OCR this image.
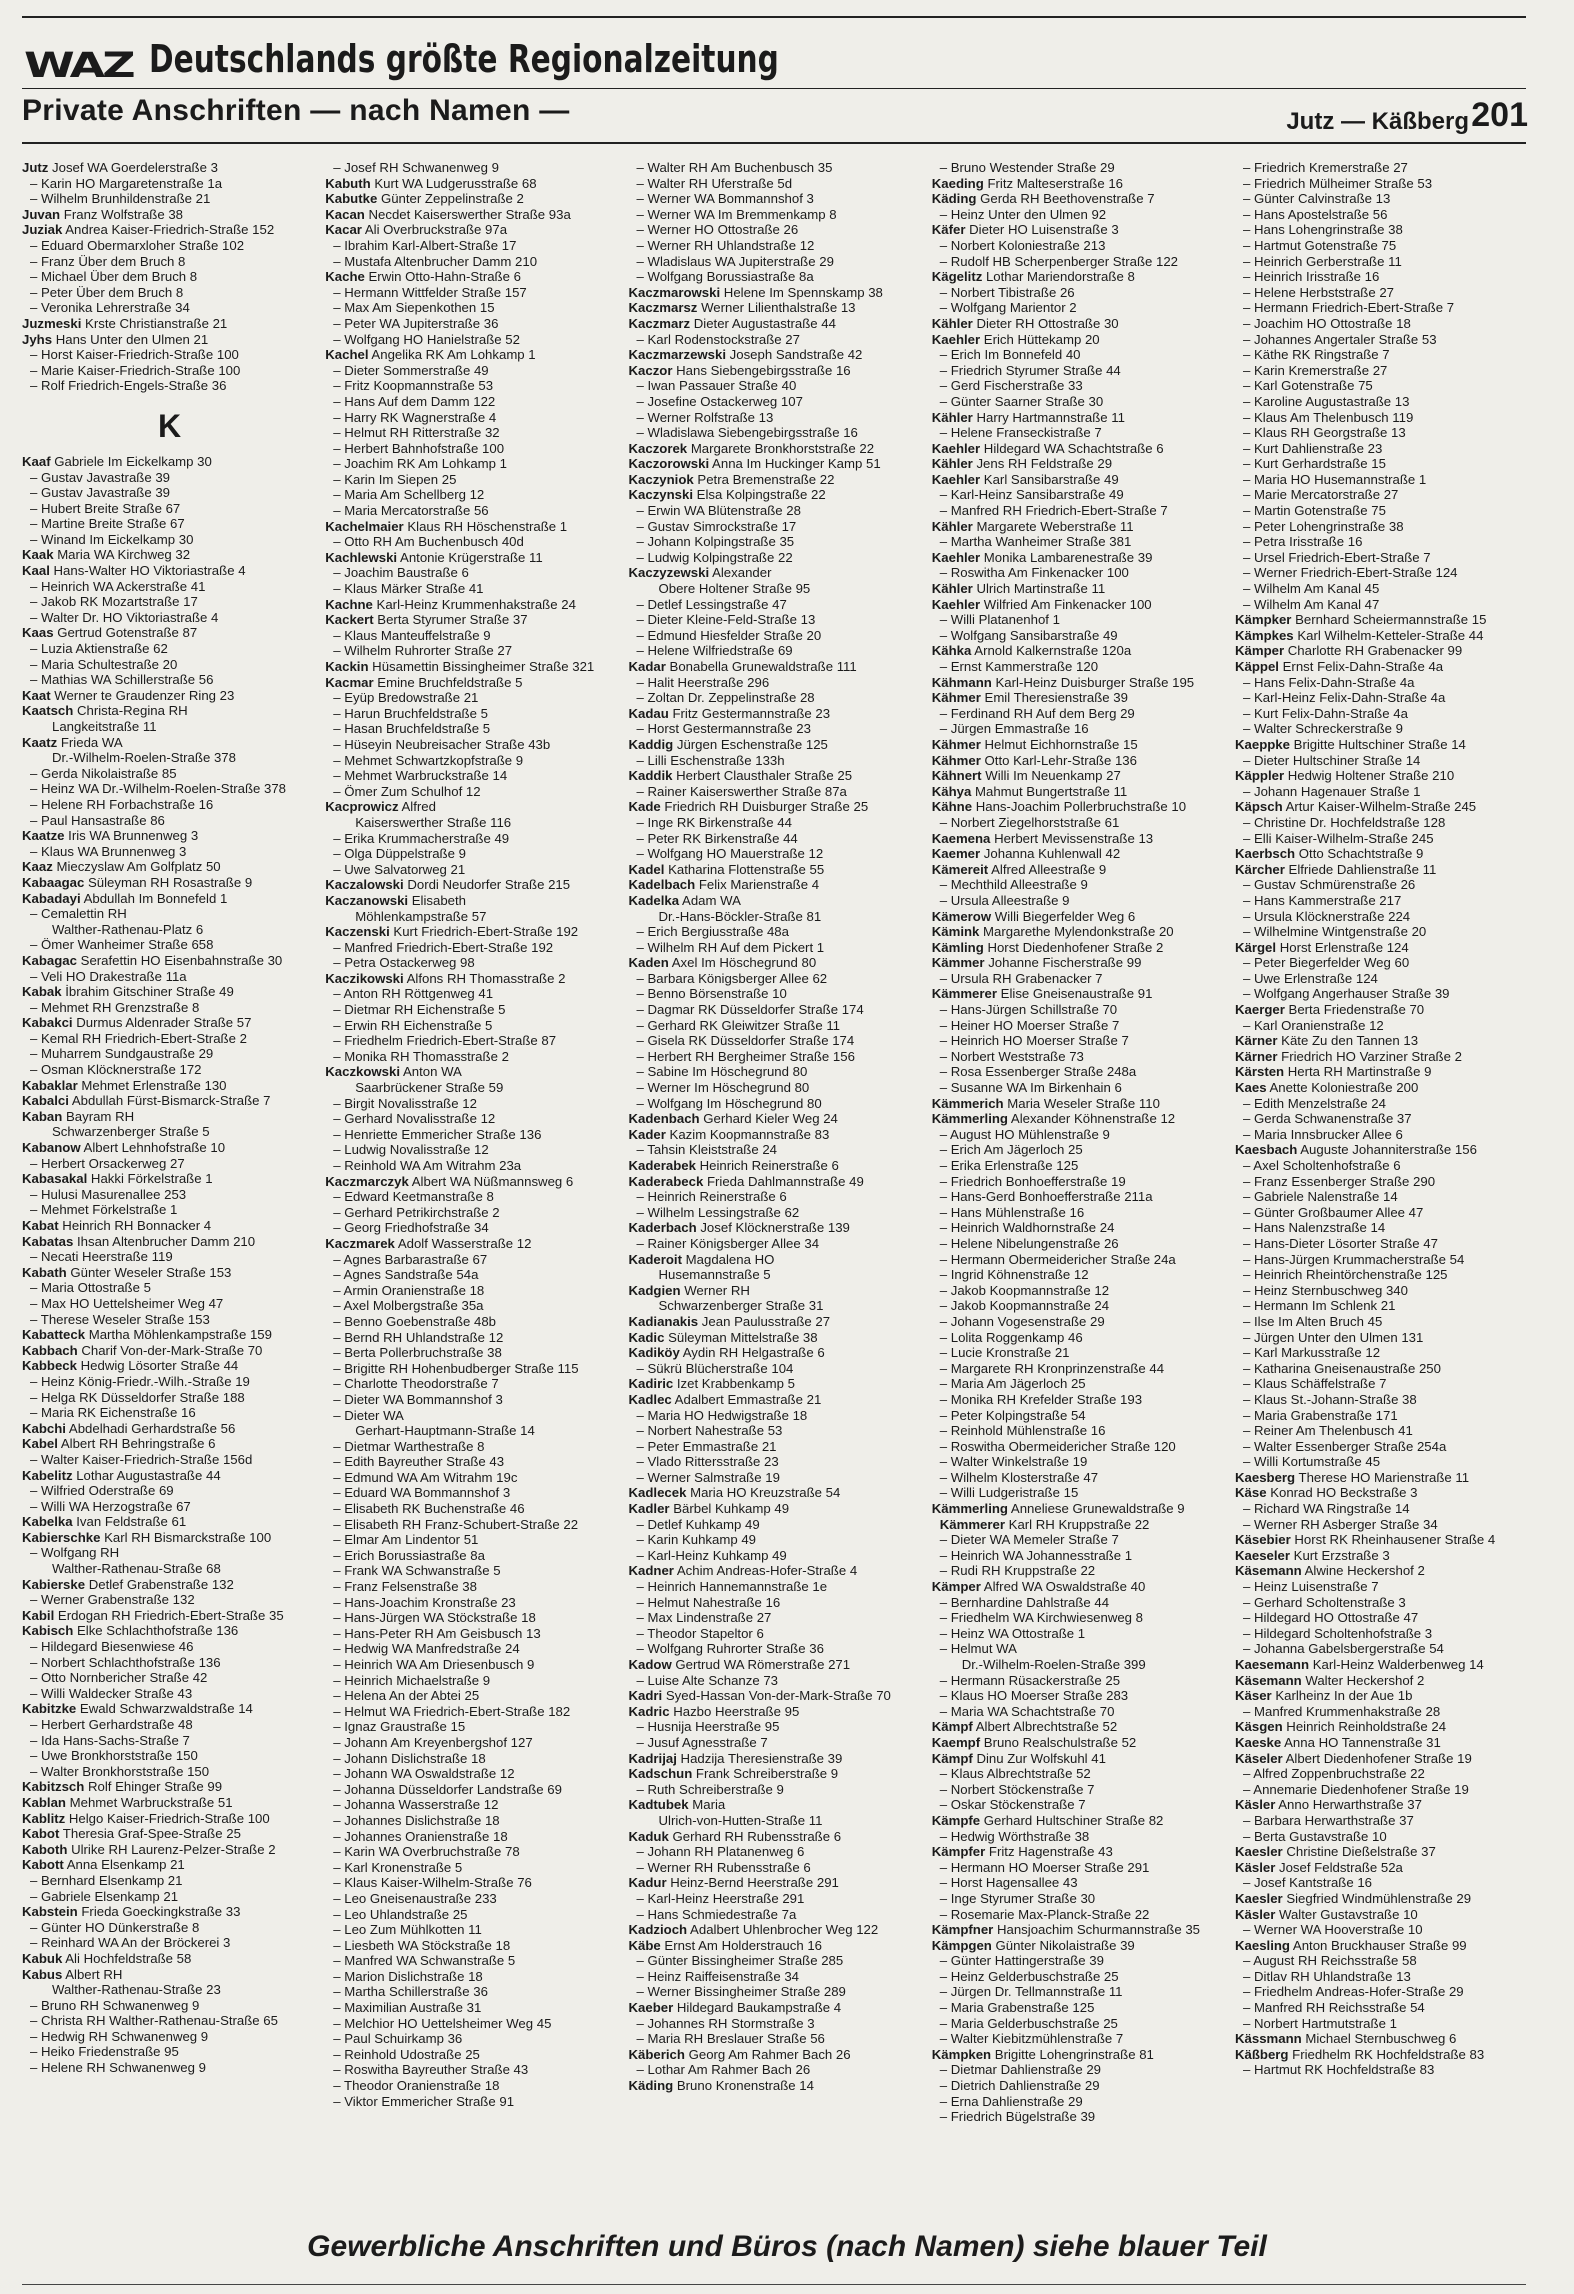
WAZ Deutschlands größte Regionalzeitung
Private Anschriften — nach Namen —	Jutz — Käßberg 201
Jutz Josef WA Goerdelerstraße 3
– Karin HO Margaretenstraße 1a
– Wilhelm Brunhildenstraße 21
Juvan Franz Wolfstraße 38
Juziak Andrea Kaiser-Friedrich-Straße 152
– Eduard Obermarxloher Straße 102
– Franz Über dem Bruch 8
– Michael Über dem Bruch 8
– Peter Über dem Bruch 8
– Veronika Lehrerstraße 34
Juzmeski Krste Christianstraße 21
Jyhs Hans Unter den Ulmen 21
– Horst Kaiser-Friedrich-Straße 100
– Marie Kaiser-Friedrich-Straße 100
– Rolf Friedrich-Engels-Straße 36
K
Kaaf Gabriele Im Eickelkamp 30
– Gustav Javastraße 39
– Gustav Javastraße 39
– Hubert Breite Straße 67
– Martine Breite Straße 67
– Winand Im Eickelkamp 30
Kaak Maria WA Kirchweg 32
Kaal Hans-Walter HO Viktoriastraße 4
– Heinrich WA Ackerstraße 41
– Jakob RK Mozartstraße 17
– Walter Dr. HO Viktoriastraße 4
Kaas Gertrud Gotenstraße 87
– Luzia Aktienstraße 62
– Maria Schultestraße 20
– Mathias WA Schillerstraße 56
Kaat Werner te Graudenzer Ring 23
Kaatsch Christa-Regina RH
Langkeitstraße 11
Kaatz Frieda WA
Dr.-Wilhelm-Roelen-Straße 378
– Gerda Nikolaistraße 85
– Heinz WA Dr.-Wilhelm-Roelen-Straße 378
– Helene RH Forbachstraße 16
– Paul Hansastraße 86
Kaatze Iris WA Brunnenweg 3
– Klaus WA Brunnenweg 3
Kaaz Mieczyslaw Am Golfplatz 50
Kabaagac Süleyman RH Rosastraße 9
Kabadayi Abdullah Im Bonnefeld 1
– Cemalettin RH
Walther-Rathenau-Platz 6
– Ömer Wanheimer Straße 658
Kabagac Serafettin HO Eisenbahnstraße 30
– Veli HO Drakestraße 11a
Kabak İbrahim Gitschiner Straße 49
– Mehmet RH Grenzstraße 8
Kabakci Durmus Aldenrader Straße 57
– Kemal RH Friedrich-Ebert-Straße 2
– Muharrem Sundgaustraße 29
– Osman Klöcknerstraße 172
Kabaklar Mehmet Erlenstraße 130
Kabalci Abdullah Fürst-Bismarck-Straße 7
Kaban Bayram RH
Schwarzenberger Straße 5
Kabanow Albert Lehnhofstraße 10
– Herbert Orsackerweg 27
Kabasakal Hakki Förkelstraße 1
– Hulusi Masurenallee 253
– Mehmet Förkelstraße 1
Kabat Heinrich RH Bonnacker 4
Kabatas Ihsan Altenbrucher Damm 210
– Necati Heerstraße 119
Kabath Günter Weseler Straße 153
– Maria Ottostraße 5
– Max HO Uettelsheimer Weg 47
– Therese Weseler Straße 153
Kabatteck Martha Möhlenkampstraße 159
Kabbach Charif Von-der-Mark-Straße 70
Kabbeck Hedwig Lösorter Straße 44
– Heinz König-Friedr.-Wilh.-Straße 19
– Helga RK Düsseldorfer Straße 188
– Maria RK Eichenstraße 16
Kabchi Abdelhadi Gerhardstraße 56
Kabel Albert RH Behringstraße 6
– Walter Kaiser-Friedrich-Straße 156d
Kabelitz Lothar Augustastraße 44
– Wilfried Oderstraße 69
– Willi WA Herzogstraße 67
Kabelka Ivan Feldstraße 61
Kabierschke Karl RH Bismarckstraße 100
– Wolfgang RH
Walther-Rathenau-Straße 68
Kabierske Detlef Grabenstraße 132
– Werner Grabenstraße 132
Kabil Erdogan RH Friedrich-Ebert-Straße 35
Kabisch Elke Schlachthofstraße 136
– Hildegard Biesenwiese 46
– Norbert Schlachthofstraße 136
– Otto Nornbericher Straße 42
– Willi Waldecker Straße 43
Kabitzke Ewald Schwarzwaldstraße 14
– Herbert Gerhardstraße 48
– Ida Hans-Sachs-Straße 7
– Uwe Bronkhorststraße 150
– Walter Bronkhorststraße 150
Kabitzsch Rolf Ehinger Straße 99
Kablan Mehmet Warbruckstraße 51
Kablitz Helgo Kaiser-Friedrich-Straße 100
Kabot Theresia Graf-Spee-Straße 25
Kaboth Ulrike RH Laurenz-Pelzer-Straße 2
Kabott Anna Elsenkamp 21
– Bernhard Elsenkamp 21
– Gabriele Elsenkamp 21
Kabstein Frieda Goeckingkstraße 33
– Günter HO Dünkerstraße 8
– Reinhard WA An der Bröckerei 3
Kabuk Ali Hochfeldstraße 58
Kabus Albert RH
Walther-Rathenau-Straße 23
– Bruno RH Schwanenweg 9
– Christa RH Walther-Rathenau-Straße 65
– Hedwig RH Schwanenweg 9
– Heiko Friedenstraße 95
– Helene RH Schwanenweg 9
– Josef RH Schwanenweg 9
Kabuth Kurt WA Ludgerusstraße 68
Kabutke Günter Zeppelinstraße 2
Kacan Necdet Kaiserswerther Straße 93a
Kacar Ali Overbruckstraße 97a
– Ibrahim Karl-Albert-Straße 17
– Mustafa Altenbrucher Damm 210
Kache Erwin Otto-Hahn-Straße 6
– Hermann Wittfelder Straße 157
– Max Am Siepenkothen 15
– Peter WA Jupiterstraße 36
– Wolfgang HO Hanielstraße 52
Kachel Angelika RK Am Lohkamp 1
– Dieter Sommerstraße 49
– Fritz Koopmannstraße 53
– Hans Auf dem Damm 122
– Harry RK Wagnerstraße 4
– Helmut RH Ritterstraße 32
– Herbert Bahnhofstraße 100
– Joachim RK Am Lohkamp 1
– Karin Im Siepen 25
– Maria Am Schellberg 12
– Maria Mercatorstraße 56
Kachelmaier Klaus RH Höschenstraße 1
– Otto RH Am Buchenbusch 40d
Kachlewski Antonie Krügerstraße 11
– Joachim Baustraße 6
– Klaus Märker Straße 41
Kachne Karl-Heinz Krummenhakstraße 24
Kackert Berta Styrumer Straße 37
– Klaus Manteuffelstraße 9
– Wilhelm Ruhrorter Straße 27
Kackin Hüsamettin Bissingheimer Straße 321
Kacmar Emine Bruchfeldstraße 5
– Eyüp Bredowstraße 21
– Harun Bruchfeldstraße 5
– Hasan Bruchfeldstraße 5
– Hüseyin Neubreisacher Straße 43b
– Mehmet Schwartzkopfstraße 9
– Mehmet Warbruckstraße 14
– Ömer Zum Schulhof 12
Kacprowicz Alfred
Kaiserswerther Straße 116
– Erika Krummacherstraße 49
– Olga Düppelstraße 9
– Uwe Salvatorweg 21
Kaczalowski Dordi Neudorfer Straße 215
Kaczanowski Elisabeth
Möhlenkampstraße 57
Kaczenski Kurt Friedrich-Ebert-Straße 192
– Manfred Friedrich-Ebert-Straße 192
– Petra Ostackerweg 98
Kaczikowski Alfons RH Thomasstraße 2
– Anton RH Röttgenweg 41
– Dietmar RH Eichenstraße 5
– Erwin RH Eichenstraße 5
– Friedhelm Friedrich-Ebert-Straße 87
– Monika RH Thomasstraße 2
Kaczkowski Anton WA
Saarbrückener Straße 59
– Birgit Novalisstraße 12
– Gerhard Novalisstraße 12
– Henriette Emmericher Straße 136
– Ludwig Novalisstraße 12
– Reinhold WA Am Witrahm 23a
Kaczmarczyk Albert WA Nüßmannsweg 6
– Edward Keetmanstraße 8
– Gerhard Petrikirchstraße 2
– Georg Friedhofstraße 34
Kaczmarek Adolf Wasserstraße 12
– Agnes Barbarastraße 67
– Agnes Sandstraße 54a
– Armin Oranienstraße 18
– Axel Molbergstraße 35a
– Benno Goebenstraße 48b
– Bernd RH Uhlandstraße 12
– Berta Pollerbruchstraße 38
– Brigitte RH Hohenbudberger Straße 115
– Charlotte Theodorstraße 7
– Dieter WA Bommannshof 3
– Dieter WA
Gerhart-Hauptmann-Straße 14
– Dietmar Warthestraße 8
– Edith Bayreuther Straße 43
– Edmund WA Am Witrahm 19c
– Eduard WA Bommannshof 3
– Elisabeth RK Buchenstraße 46
– Elisabeth RH Franz-Schubert-Straße 22
– Elmar Am Lindentor 51
– Erich Borussiastraße 8a
– Frank WA Schwanstraße 5
– Franz Felsenstraße 38
– Hans-Joachim Kronstraße 23
– Hans-Jürgen WA Stöckstraße 18
– Hans-Peter RH Am Geisbusch 13
– Hedwig WA Manfredstraße 24
– Heinrich WA Am Driesenbusch 9
– Heinrich Michaelstraße 9
– Helena An der Abtei 25
– Helmut WA Friedrich-Ebert-Straße 182
– Ignaz Graustraße 15
– Johann Am Kreyenbergshof 127
– Johann Dislichstraße 18
– Johann WA Oswaldstraße 12
– Johanna Düsseldorfer Landstraße 69
– Johanna Wasserstraße 12
– Johannes Dislichstraße 18
– Johannes Oranienstraße 18
– Karin WA Overbruchstraße 78
– Karl Kronenstraße 5
– Klaus Kaiser-Wilhelm-Straße 76
– Leo Gneisenaustraße 233
– Leo Uhlandstraße 25
– Leo Zum Mühlkotten 11
– Liesbeth WA Stöckstraße 18
– Manfred WA Schwanstraße 5
– Marion Dislichstraße 18
– Martha Schillerstraße 36
– Maximilian Austraße 31
– Melchior HO Uettelsheimer Weg 45
– Paul Schuirkamp 36
– Reinhold Udostraße 25
– Roswitha Bayreuther Straße 43
– Theodor Oranienstraße 18
– Viktor Emmericher Straße 91
– Walter RH Am Buchenbusch 35
– Walter RH Uferstraße 5d
– Werner WA Bommannshof 3
– Werner WA Im Bremmenkamp 8
– Werner HO Ottostraße 26
– Werner RH Uhlandstraße 12
– Wladislaus WA Jupiterstraße 29
– Wolfgang Borussiastraße 8a
Kaczmarowski Helene Im Spennskamp 38
Kaczmarsz Werner Lilienthalstraße 13
Kaczmarz Dieter Augustastraße 44
– Karl Rodenstockstraße 27
Kaczmarzewski Joseph Sandstraße 42
Kaczor Hans Siebengebirgsstraße 16
– Iwan Passauer Straße 40
– Josefine Ostackerweg 107
– Werner Rolfstraße 13
– Wladislawa Siebengebirgsstraße 16
Kaczorek Margarete Bronkhorststraße 22
Kaczorowski Anna Im Huckinger Kamp 51
Kaczyniok Petra Bremenstraße 22
Kaczynski Elsa Kolpingstraße 22
– Erwin WA Blütenstraße 28
– Gustav Simrockstraße 17
– Johann Kolpingstraße 35
– Ludwig Kolpingstraße 22
Kaczyzewski Alexander
Obere Holtener Straße 95
– Detlef Lessingstraße 47
– Dieter Kleine-Feld-Straße 13
– Edmund Hiesfelder Straße 20
– Helene Wilfriedstraße 69
Kadar Bonabella Grunewaldstraße 111
– Halit Heerstraße 296
– Zoltan Dr. Zeppelinstraße 28
Kadau Fritz Gestermannstraße 23
– Horst Gestermannstraße 23
Kaddig Jürgen Eschenstraße 125
– Lilli Eschenstraße 133h
Kaddik Herbert Clausthaler Straße 25
– Rainer Kaiserswerther Straße 87a
Kade Friedrich RH Duisburger Straße 25
– Inge RK Birkenstraße 44
– Peter RK Birkenstraße 44
– Wolfgang HO Mauerstraße 12
Kadel Katharina Flottenstraße 55
Kadelbach Felix Marienstraße 4
Kadelka Adam WA
Dr.-Hans-Böckler-Straße 81
– Erich Bergiusstraße 48a
– Wilhelm RH Auf dem Pickert 1
Kaden Axel Im Höschegrund 80
– Barbara Königsberger Allee 62
– Benno Börsenstraße 10
– Dagmar RK Düsseldorfer Straße 174
– Gerhard RK Gleiwitzer Straße 11
– Gisela RK Düsseldorfer Straße 174
– Herbert RH Bergheimer Straße 156
– Sabine Im Höschegrund 80
– Werner Im Höschegrund 80
– Wolfgang Im Höschegrund 80
Kadenbach Gerhard Kieler Weg 24
Kader Kazim Koopmannstraße 83
– Tahsin Kleiststraße 24
Kaderabek Heinrich Reinerstraße 6
Kaderabeck Frieda Dahlmannstraße 49
– Heinrich Reinerstraße 6
– Wilhelm Lessingstraße 62
Kaderbach Josef Klöcknerstraße 139
– Rainer Königsberger Allee 34
Kaderoit Magdalena HO
Husemannstraße 5
Kadgien Werner RH
Schwarzenberger Straße 31
Kadianakis Jean Paulusstraße 27
Kadic Süleyman Mittelstraße 38
Kadiköy Aydin RH Helgastraße 6
– Sükrü Blücherstraße 104
Kadiric Izet Krabbenkamp 5
Kadlec Adalbert Emmastraße 21
– Maria HO Hedwigstraße 18
– Norbert Nahestraße 53
– Peter Emmastraße 21
– Vlado Rittersstraße 23
– Werner Salmstraße 19
Kadlecek Maria HO Kreuzstraße 54
Kadler Bärbel Kuhkamp 49
– Detlef Kuhkamp 49
– Karin Kuhkamp 49
– Karl-Heinz Kuhkamp 49
Kadner Achim Andreas-Hofer-Straße 4
– Heinrich Hannemannstraße 1e
– Helmut Nahestraße 16
– Max Lindenstraße 27
– Theodor Stapeltor 6
– Wolfgang Ruhrorter Straße 36
Kadow Gertrud WA Römerstraße 271
– Luise Alte Schanze 73
Kadri Syed-Hassan Von-der-Mark-Straße 70
Kadric Hazbo Heerstraße 95
– Husnija Heerstraße 95
– Jusuf Agnesstraße 7
Kadrijaj Hadzija Theresienstraße 39
Kadschun Frank Schreiberstraße 9
– Ruth Schreiberstraße 9
Kadtubek Maria
Ulrich-von-Hutten-Straße 11
Kaduk Gerhard RH Rubensstraße 6
– Johann RH Platanenweg 6
– Werner RH Rubensstraße 6
Kadur Heinz-Bernd Heerstraße 291
– Karl-Heinz Heerstraße 291
– Hans Schmiedestraße 7a
Kadzioch Adalbert Uhlenbrocher Weg 122
Käbe Ernst Am Holderstrauch 16
– Günter Bissingheimer Straße 285
– Heinz Raiffeisenstraße 34
– Werner Bissingheimer Straße 289
Kaeber Hildegard Baukampstraße 4
– Johannes RH Stormstraße 3
– Maria RH Breslauer Straße 56
Käberich Georg Am Rahmer Bach 26
– Lothar Am Rahmer Bach 26
Käding Bruno Kronenstraße 14
– Bruno Westender Straße 29
Kaeding Fritz Malteserstraße 16
Käding Gerda RH Beethovenstraße 7
– Heinz Unter den Ulmen 92
Käfer Dieter HO Luisenstraße 3
– Norbert Koloniestraße 213
– Rudolf HB Scherpenberger Straße 122
Kägelitz Lothar Mariendorstraße 8
– Norbert Tibistraße 26
– Wolfgang Marientor 2
Kähler Dieter RH Ottostraße 30
Kaehler Erich Hüttekamp 20
– Erich Im Bonnefeld 40
– Friedrich Styrumer Straße 44
– Gerd Fischerstraße 33
– Günter Saarner Straße 30
Kähler Harry Hartmannstraße 11
– Helene Franseckistraße 7
Kaehler Hildegard WA Schachtstraße 6
Kähler Jens RH Feldstraße 29
Kaehler Karl Sansibarstraße 49
– Karl-Heinz Sansibarstraße 49
– Manfred RH Friedrich-Ebert-Straße 7
Kähler Margarete Weberstraße 11
– Martha Wanheimer Straße 381
Kaehler Monika Lambarenestraße 39
– Roswitha Am Finkenacker 100
Kähler Ulrich Martinstraße 11
Kaehler Wilfried Am Finkenacker 100
– Willi Platanenhof 1
– Wolfgang Sansibarstraße 49
Kähka Arnold Kalkernstraße 120a
– Ernst Kammerstraße 120
Kähmann Karl-Heinz Duisburger Straße 195
Kähmer Emil Theresienstraße 39
– Ferdinand RH Auf dem Berg 29
– Jürgen Emmastraße 16
Kähmer Helmut Eichhornstraße 15
Kähmer Otto Karl-Lehr-Straße 136
Kähnert Willi Im Neuenkamp 27
Kähya Mahmut Bungertstraße 11
Kähne Hans-Joachim Pollerbruchstraße 10
– Norbert Ziegelhorststraße 61
Kaemena Herbert Mevissenstraße 13
Kaemer Johanna Kuhlenwall 42
Kämereit Alfred Alleestraße 9
– Mechthild Alleestraße 9
– Ursula Alleestraße 9
Kämerow Willi Biegerfelder Weg 6
Kämink Margarethe Mylendonkstraße 20
Kämling Horst Diedenhofener Straße 2
Kämmer Johanne Fischerstraße 99
– Ursula RH Grabenacker 7
Kämmerer Elise Gneisenaustraße 91
– Hans-Jürgen Schillstraße 70
– Heiner HO Moerser Straße 7
– Heinrich HO Moerser Straße 7
– Norbert Weststraße 73
– Rosa Essenberger Straße 248a
– Susanne WA Im Birkenhain 6
Kämmerich Maria Weseler Straße 110
Kämmerling Alexander Köhnenstraße 12
– August HO Mühlenstraße 9
– Erich Am Jägerloch 25
– Erika Erlenstraße 125
– Friedrich Bonhoefferstraße 19
– Hans-Gerd Bonhoefferstraße 211a
– Hans Mühlenstraße 16
– Heinrich Waldhornstraße 24
– Helene Nibelungenstraße 26
– Hermann Obermeidericher Straße 24a
– Ingrid Köhnenstraße 12
– Jakob Koopmannstraße 12
– Jakob Koopmannstraße 24
– Johann Vogesenstraße 29
– Lolita Roggenkamp 46
– Lucie Kronstraße 21
– Margarete RH Kronprinzenstraße 44
– Maria Am Jägerloch 25
– Monika RH Krefelder Straße 193
– Peter Kolpingstraße 54
– Reinhold Mühlenstraße 16
– Roswitha Obermeidericher Straße 120
– Walter Winkelstraße 19
– Wilhelm Klosterstraße 47
– Willi Ludgeristraße 15
Kämmerling Anneliese Grunewaldstraße 9
Kämmerer Karl RH Kruppstraße 22
– Dieter WA Memeler Straße 7
– Heinrich WA Johannesstraße 1
– Rudi RH Kruppstraße 22
Kämper Alfred WA Oswaldstraße 40
– Bernhardine Dahlstraße 44
– Friedhelm WA Kirchwiesenweg 8
– Heinz WA Ottostraße 1
– Helmut WA
Dr.-Wilhelm-Roelen-Straße 399
– Hermann Rüsackerstraße 25
– Klaus HO Moerser Straße 283
– Maria WA Schachtstraße 70
Kämpf Albert Albrechtstraße 52
Kaempf Bruno Realschulstraße 52
Kämpf Dinu Zur Wolfskuhl 41
– Klaus Albrechtstraße 52
– Norbert Stöckenstraße 7
– Oskar Stöckenstraße 7
Kämpfe Gerhard Hultschiner Straße 82
– Hedwig Wörthstraße 38
Kämpfer Fritz Hagenstraße 43
– Hermann HO Moerser Straße 291
– Horst Hagensallee 43
– Inge Styrumer Straße 30
– Rosemarie Max-Planck-Straße 22
Kämpfner Hansjoachim Schurmannstraße 35
Kämpgen Günter Nikolaistraße 39
– Günter Hattingerstraße 39
– Heinz Gelderbuschstraße 25
– Jürgen Dr. Tellmannstraße 11
– Maria Grabenstraße 125
– Maria Gelderbuschstraße 25
– Walter Kiebitzmühlenstraße 7
Kämpken Brigitte Lohengrinstraße 81
– Dietmar Dahlienstraße 29
– Dietrich Dahlienstraße 29
– Erna Dahlienstraße 29
– Friedrich Bügelstraße 39
– Friedrich Kremerstraße 27
– Friedrich Mülheimer Straße 53
– Günter Calvinstraße 13
– Hans Apostelstraße 56
– Hans Lohengrinstraße 38
– Hartmut Gotenstraße 75
– Heinrich Gerberstraße 11
– Heinrich Irisstraße 16
– Helene Herbststraße 27
– Hermann Friedrich-Ebert-Straße 7
– Joachim HO Ottostraße 18
– Johannes Angertaler Straße 53
– Käthe RK Ringstraße 7
– Karin Kremerstraße 27
– Karl Gotenstraße 75
– Karoline Augustastraße 13
– Klaus Am Thelenbusch 119
– Klaus RH Georgstraße 13
– Kurt Dahlienstraße 23
– Kurt Gerhardstraße 15
– Maria HO Husemannstraße 1
– Marie Mercatorstraße 27
– Martin Gotenstraße 75
– Peter Lohengrinstraße 38
– Petra Irisstraße 16
– Ursel Friedrich-Ebert-Straße 7
– Werner Friedrich-Ebert-Straße 124
– Wilhelm Am Kanal 45
– Wilhelm Am Kanal 47
Kämpker Bernhard Scheiermannstraße 15
Kämpkes Karl Wilhelm-Ketteler-Straße 44
Kämper Charlotte RH Grabenacker 99
Käppel Ernst Felix-Dahn-Straße 4a
– Hans Felix-Dahn-Straße 4a
– Karl-Heinz Felix-Dahn-Straße 4a
– Kurt Felix-Dahn-Straße 4a
– Walter Schreckerstraße 9
Kaeppke Brigitte Hultschiner Straße 14
– Dieter Hultschiner Straße 14
Käppler Hedwig Holtener Straße 210
– Johann Hagenauer Straße 1
Käpsch Artur Kaiser-Wilhelm-Straße 245
– Christine Dr. Hochfeldstraße 128
– Elli Kaiser-Wilhelm-Straße 245
Kaerbsch Otto Schachtstraße 9
Kärcher Elfriede Dahlienstraße 11
– Gustav Schmürenstraße 26
– Hans Kammerstraße 217
– Ursula Klöcknerstraße 224
– Wilhelmine Wintgenstraße 20
Kärgel Horst Erlenstraße 124
– Peter Biegerfelder Weg 60
– Uwe Erlenstraße 124
– Wolfgang Angerhauser Straße 39
Kaerger Berta Friedenstraße 70
– Karl Oranienstraße 12
Kärner Käte Zu den Tannen 13
Kärner Friedrich HO Varziner Straße 2
Kärsten Herta RH Martinstraße 9
Kaes Anette Koloniestraße 200
– Edith Menzelstraße 24
– Gerda Schwanenstraße 37
– Maria Innsbrucker Allee 6
Kaesbach Auguste Johanniterstraße 156
– Axel Scholtenhofstraße 6
– Franz Essenberger Straße 290
– Gabriele Nalenstraße 14
– Günter Großbaumer Allee 47
– Hans Nalenzstraße 14
– Hans-Dieter Lösorter Straße 47
– Hans-Jürgen Krummacherstraße 54
– Heinrich Rheintörchenstraße 125
– Heinz Sternbuschweg 340
– Hermann Im Schlenk 21
– Ilse Im Alten Bruch 45
– Jürgen Unter den Ulmen 131
– Karl Markusstraße 12
– Katharina Gneisenaustraße 250
– Klaus Schäffelstraße 7
– Klaus St.-Johann-Straße 38
– Maria Grabenstraße 171
– Reiner Am Thelenbusch 41
– Walter Essenberger Straße 254a
– Willi Kortumstraße 45
Kaesberg Therese HO Marienstraße 11
Käse Konrad HO Beckstraße 3
– Richard WA Ringstraße 14
– Werner RH Asberger Straße 34
Käsebier Horst RK Rheinhausener Straße 4
Kaeseler Kurt Erzstraße 3
Käsemann Alwine Heckershof 2
– Heinz Luisenstraße 7
– Gerhard Scholtenstraße 3
– Hildegard HO Ottostraße 47
– Hildegard Scholtenhofstraße 3
– Johanna Gabelsbergerstraße 54
Kaesemann Karl-Heinz Walderbenweg 14
Käsemann Walter Heckershof 2
Käser Karlheinz In der Aue 1b
– Manfred Krummenhakstraße 28
Käsgen Heinrich Reinholdstraße 24
Kaeske Anna HO Tannenstraße 31
Käseler Albert Diedenhofener Straße 19
– Alfred Zoppenbruchstraße 22
– Annemarie Diedenhofener Straße 19
Käsler Anno Herwarthstraße 37
– Barbara Herwarthstraße 37
– Berta Gustavstraße 10
Kaesler Christine Dießelstraße 37
Käsler Josef Feldstraße 52a
– Josef Kantstraße 16
Kaesler Siegfried Windmühlenstraße 29
Käsler Walter Gustavstraße 10
– Werner WA Hooverstraße 10
Kaesling Anton Bruckhauser Straße 99
– August RH Reichsstraße 58
– Ditlav RH Uhlandstraße 13
– Friedhelm Andreas-Hofer-Straße 29
– Manfred RH Reichsstraße 54
– Norbert Hartmutstraße 1
Kässmann Michael Sternbuschweg 6
Käßberg Friedhelm RK Hochfeldstraße 83
– Hartmut RK Hochfeldstraße 83
Gewerbliche Anschriften und Büros (nach Namen) siehe blauer Teil
